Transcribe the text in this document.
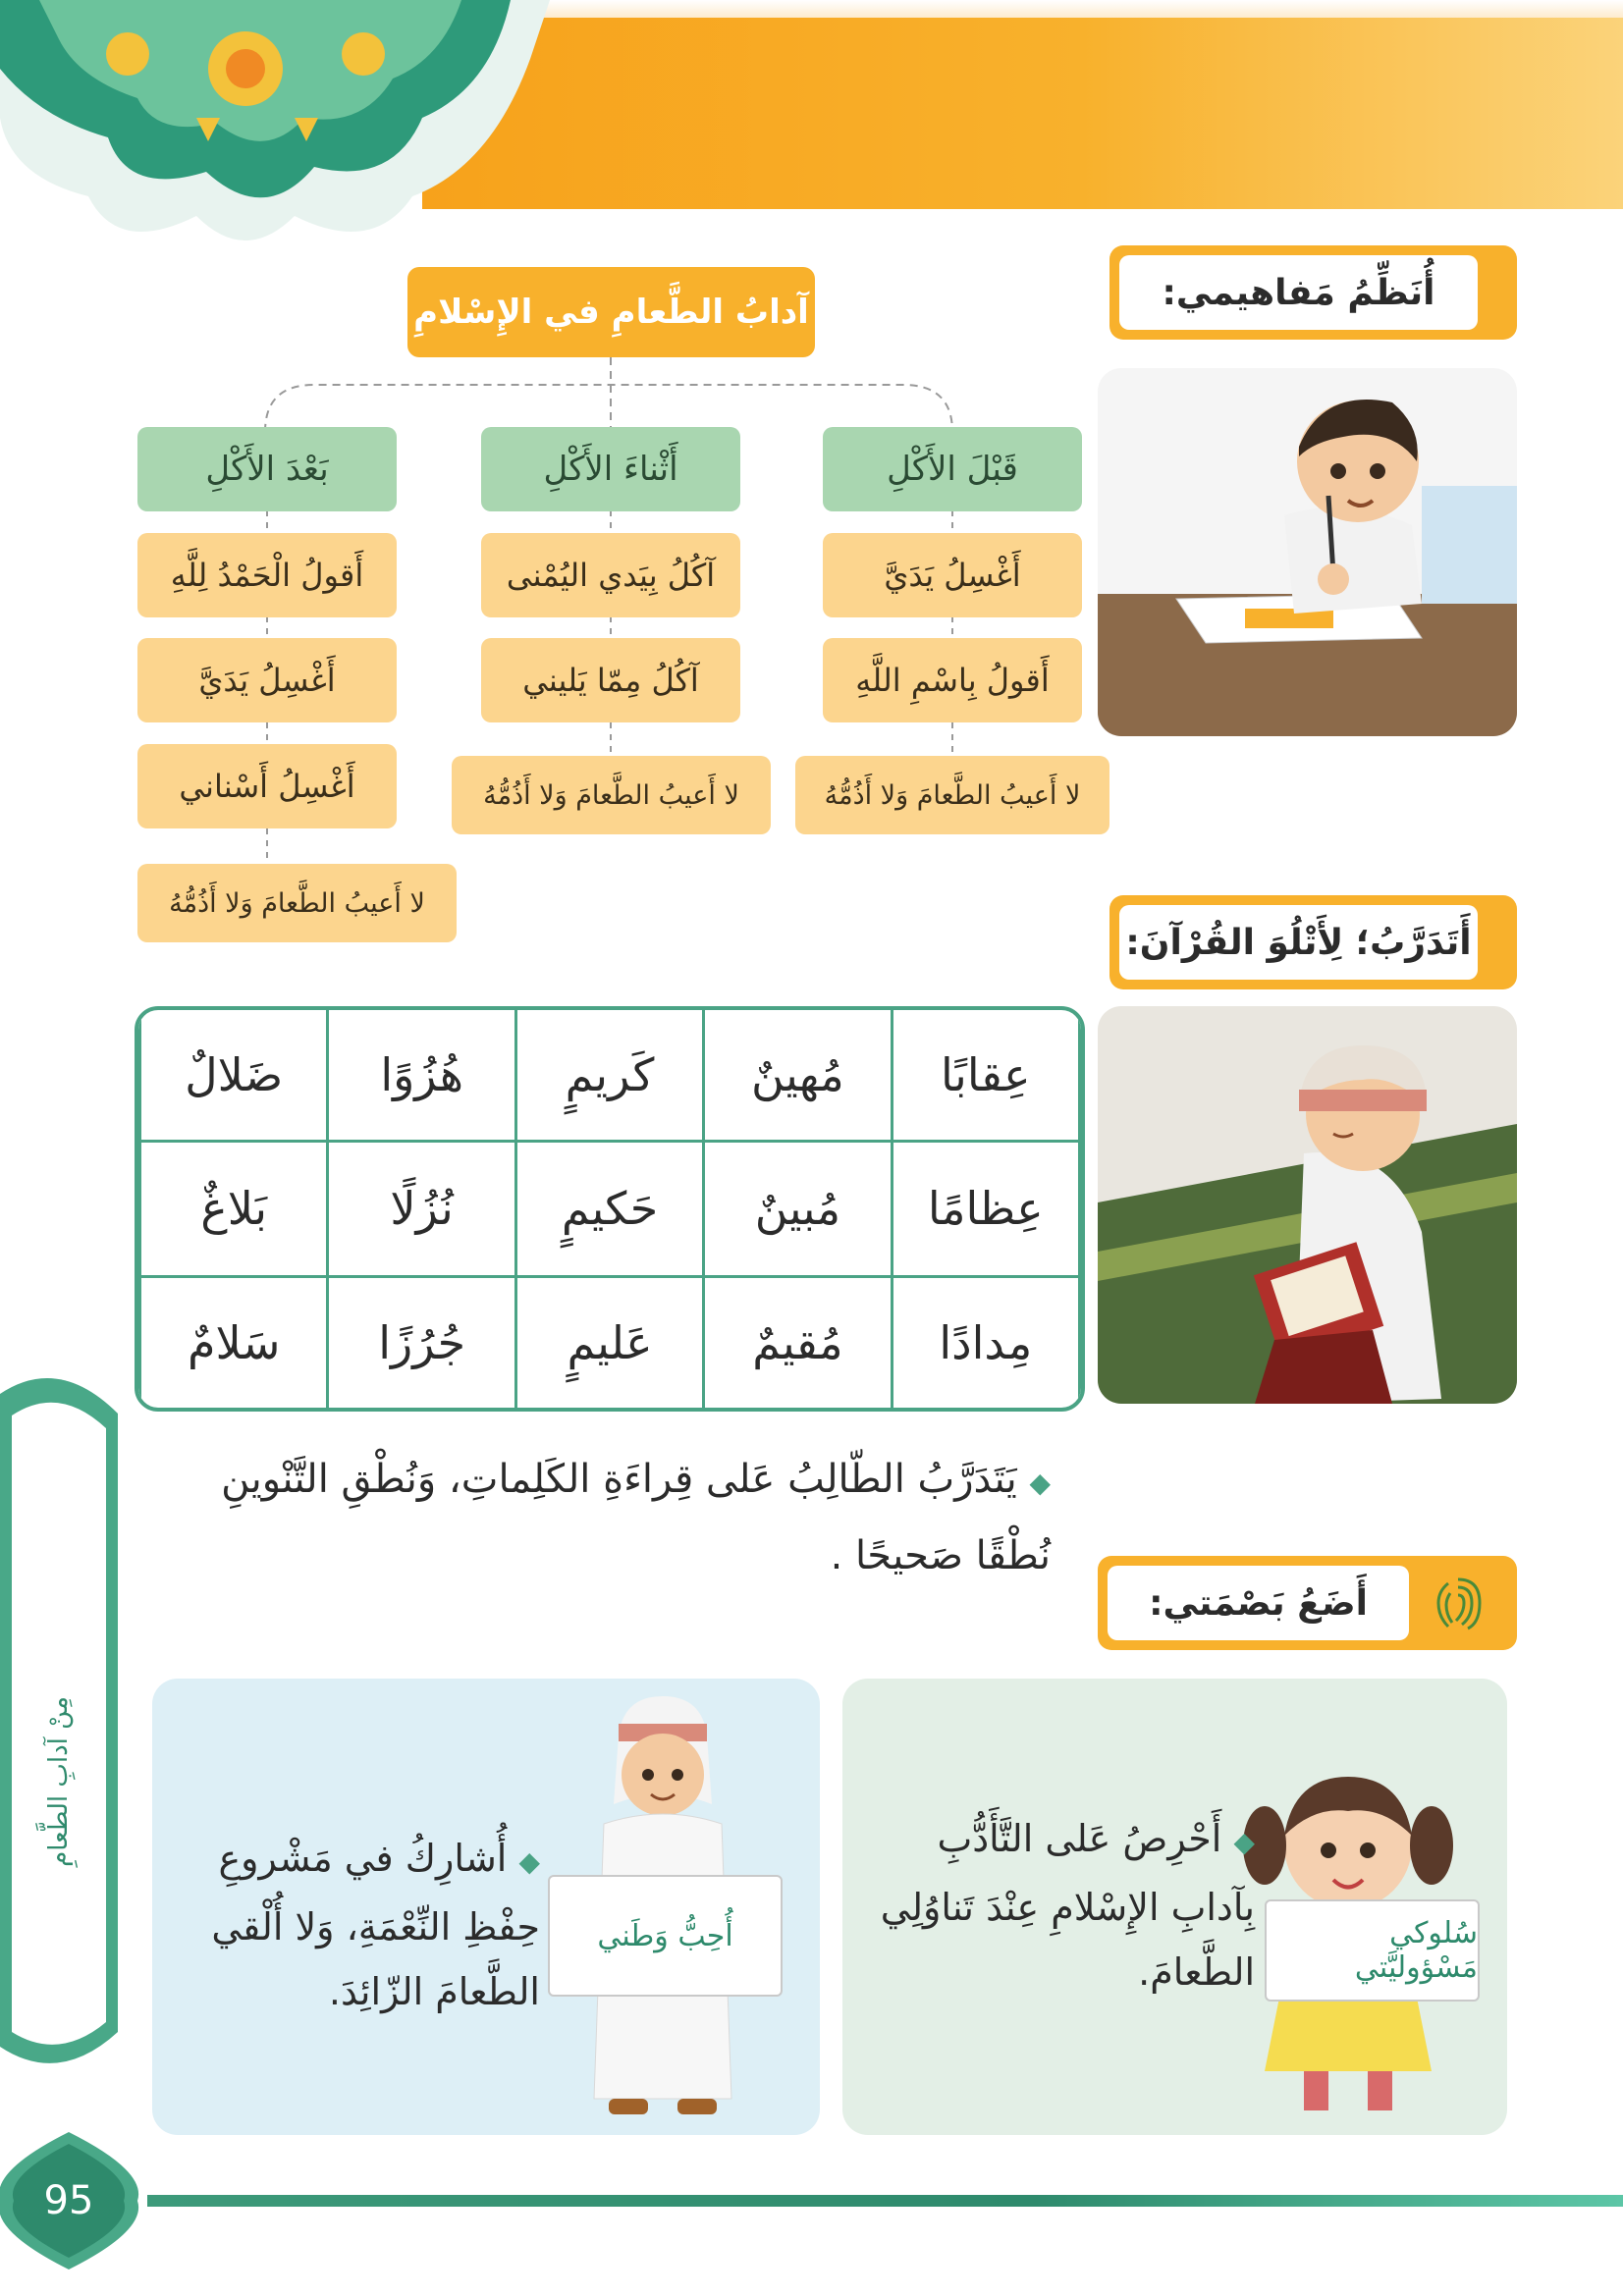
أُنَظِّمُ مَفاهيمي:
آدابُ الطَّعامِ في الإِسْلامِ
قَبْلَ الأَكْلِ
أَغْسِلُ يَدَيَّ
أَقولُ بِاسْمِ اللَّهِ
لا أَعيبُ الطَّعامَ وَلا أَذُمُّهُ
أَثْناءَ الأَكْلِ
آكُلُ بِيَدي اليُمْنى
آكُلُ مِمّا يَليني
لا أَعيبُ الطَّعامَ وَلا أَذُمُّهُ
بَعْدَ الأَكْلِ
أَقولُ الْحَمْدُ لِلَّهِ
أَغْسِلُ يَدَيَّ
أَغْسِلُ أَسْناني
لا أَعيبُ الطَّعامَ وَلا أَذُمُّهُ
أَتَدَرَّبُ؛ لِأَتْلُوَ القُرْآنَ:
عِقابًا	مُهينٌ	كَريمٍ	هُزُوًا	ضَلالٌ
عِظامًا	مُبينٌ	حَكيمٍ	نُزُلًا	بَلاغٌ
مِدادًا	مُقيمٌ	عَليمٍ	جُرُزًا	سَلامٌ
◆ يَتَدَرَّبُ الطّالِبُ عَلى قِراءَةِ الكَلِماتِ، وَنُطْقِ التَّنْوينِ نُطْقًا صَحيحًا .
أَضَعُ بَصْمَتي:
سُلوكي مَسْؤوليَّتي
◆ أَحْرِصُ عَلى التَّأَدُّبِ بِآدابِ الإِسْلامِ عِنْدَ تَناوُلِي الطَّعامَ.
أُحِبُّ وَطَني
◆ أُشارِكُ في مَشْروعِ حِفْظِ النِّعْمَةِ، وَلا أُلْقي الطَّعامَ الزّائِدَ.
مِنْ آدابِ الطَّعامِ
95
